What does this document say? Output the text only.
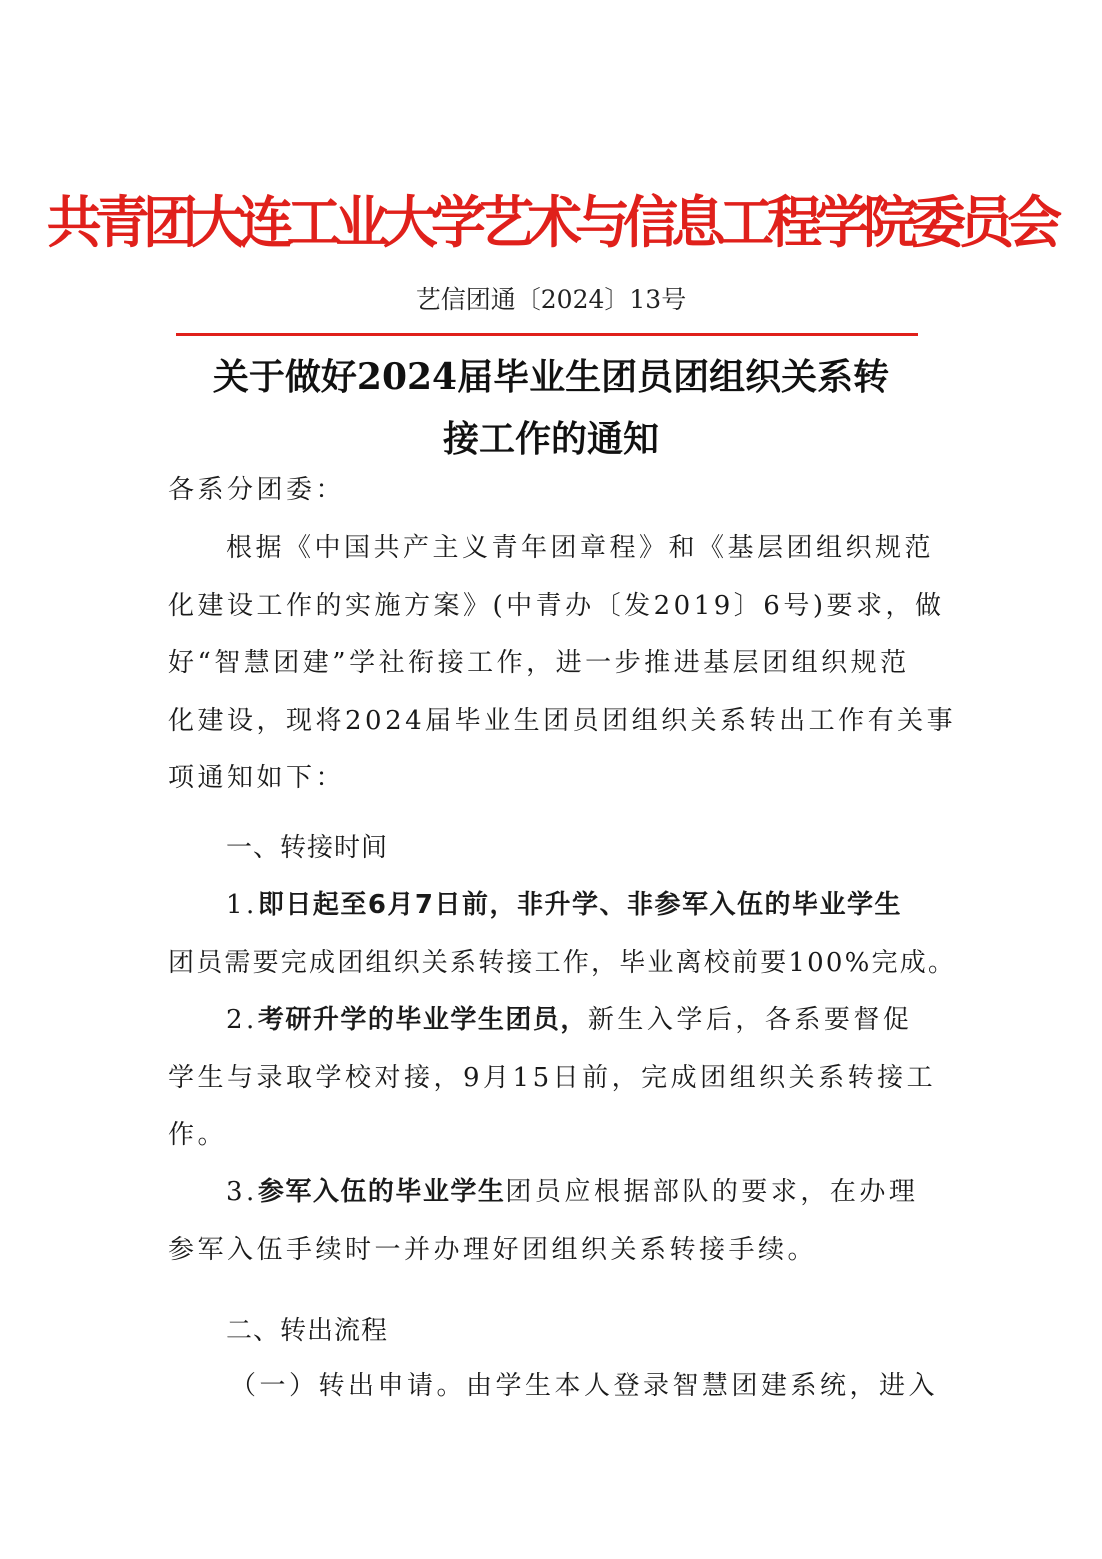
共青团大连工业大学艺术与信息工程学院委员会
艺信团通〔2024〕13号
关于做好2024届毕业生团员团组织关系转
接工作的通知
各系分团委：
根据《中国共产主义青年团章程》和《基层团组织规范
化建设工作的实施方案》(中青办〔发2019〕6号)要求，做
好“智慧团建”学社衔接工作，进一步推进基层团组织规范
化建设，现将2024届毕业生团员团组织关系转出工作有关事
项通知如下：
一、转接时间
1.即日起至6月7日前，非升学、非参军入伍的毕业学生
团员需要完成团组织关系转接工作，毕业离校前要100%完成。
2.考研升学的毕业学生团员，新生入学后，各系要督促
学生与录取学校对接，9月15日前，完成团组织关系转接工
作。
3.参军入伍的毕业学生团员应根据部队的要求，在办理
参军入伍手续时一并办理好团组织关系转接手续。
二、转出流程
（一）转出申请。由学生本人登录智慧团建系统，进入
